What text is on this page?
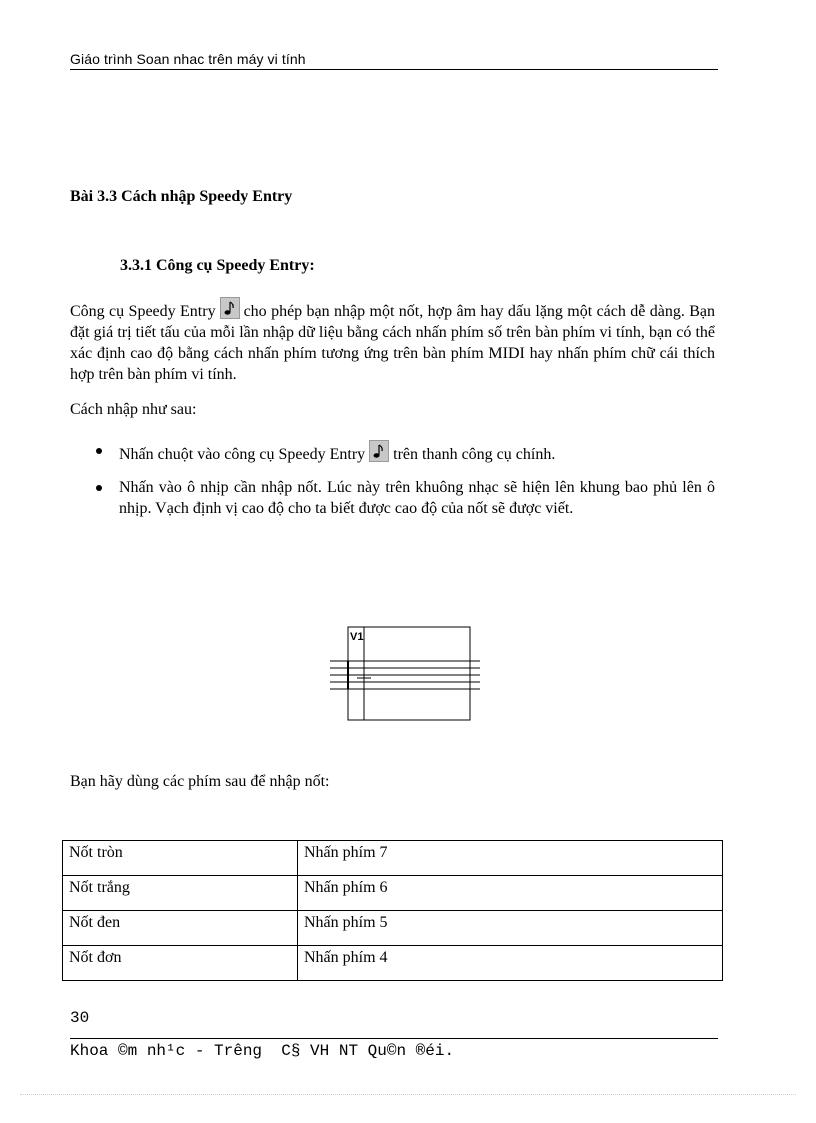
Giáo trình Soan nhac trên máy vi tính
Bài 3.3 Cách nhập Speedy Entry
3.3.1 Công cụ Speedy Entry:
Công cụ Speedy Entry cho phép bạn nhập một nốt, hợp âm hay dấu lặng một cách dễ dàng. Bạn đặt giá trị tiết tấu của mỗi lần nhập dữ liệu bằng cách nhấn phím số trên bàn phím vi tính, bạn có thể xác định cao độ bằng cách nhấn phím tương ứng trên bàn phím MIDI hay nhấn phím chữ cái thích hợp trên bàn phím vi tính.
Cách nhập như sau:
Nhấn chuột vào công cụ Speedy Entry trên thanh công cụ chính.
Nhấn vào ô nhịp cần nhập nốt. Lúc này trên khuông nhạc sẽ hiện lên khung bao phủ lên ô nhịp. Vạch định vị cao độ cho ta biết được cao độ của nốt sẽ được viết.
V1
Bạn hãy dùng các phím sau để nhập nốt:
Nốt tròn	Nhấn phím 7
Nốt trắng	Nhấn phím 6
Nốt đen	Nhấn phím 5
Nốt đơn	Nhấn phím 4
30
Khoa ©m nh¹c - Trêng  C§ VH NT Qu©n ®éi.
